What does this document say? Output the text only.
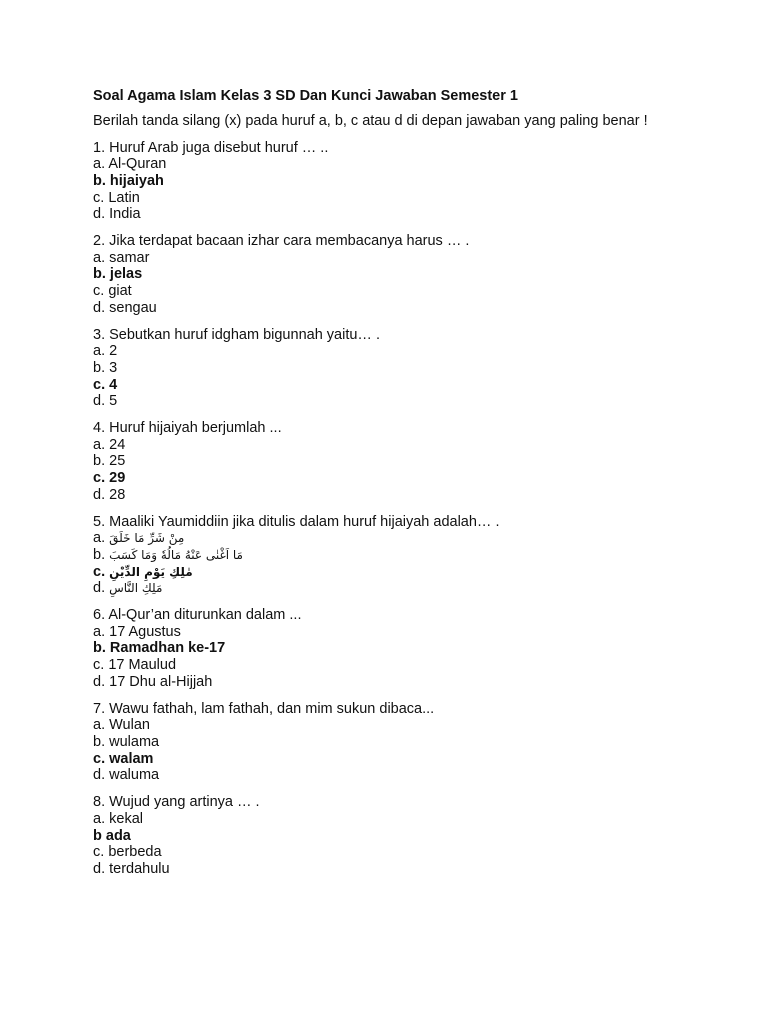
Soal Agama Islam Kelas 3 SD Dan Kunci Jawaban Semester 1
Berilah tanda silang (x) pada huruf a, b, c atau d di depan jawaban yang paling benar !
1. Huruf Arab juga disebut huruf … ..
a. Al-Quran
b. hijaiyah
c. Latin
d. India
2. Jika terdapat bacaan izhar cara membacanya harus … .
a. samar
b. jelas
c. giat
d. sengau
3. Sebutkan huruf idgham bigunnah yaitu… .
a. 2
b. 3
c. 4
d. 5
4. Huruf hijaiyah berjumlah ...
a. 24
b. 25
c. 29
d. 28
5. Maaliki Yaumiddiin jika ditulis dalam huruf hijaiyah adalah… .
a. مِنْ شَرِّ مَا خَلَقَ
b. مَا اَغْنٰى عَنْهُ مَالُهٗ وَمَا كَسَبَ
c. مٰلِكِ يَوْمِ الدِّيْنِ
d. مَلِكِ النَّاسِ
6. Al-Qur’an diturunkan dalam ...
a. 17 Agustus
b. Ramadhan ke-17
c. 17 Maulud
d. 17 Dhu al-Hijjah
7. Wawu fathah, lam fathah, dan mim sukun dibaca...
a. Wulan
b. wulama
c. walam
d. waluma
8. Wujud yang artinya … .
a. kekal
b ada
c. berbeda
d. terdahulu
